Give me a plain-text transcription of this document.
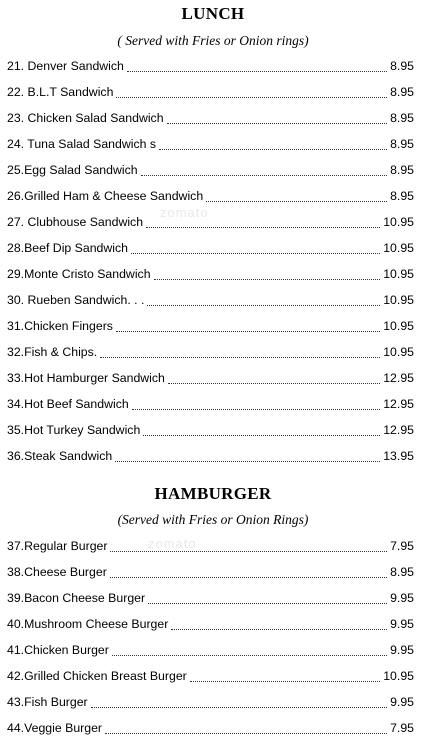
LUNCH

( Served with Fries or Onion rings)

21. Denver Sandwich	8.95
22. B.L.T Sandwich	8.95
23. Chicken Salad Sandwich	8.95
24. Tuna Salad Sandwich s	8.95
25.Egg Salad Sandwich	8.95
26.Grilled Ham & Cheese Sandwich	8.95
27. Clubhouse Sandwich	10.95
28.Beef Dip Sandwich	10.95
29.Monte Cristo Sandwich	10.95
30. Rueben Sandwich. . .	10.95
31.Chicken Fingers	10.95
32.Fish & Chips.	10.95
33.Hot Hamburger Sandwich	12.95
34.Hot Beef Sandwich	12.95
35.Hot Turkey Sandwich	12.95
36.Steak Sandwich	13.95
HAMBURGER

(Served with Fries or Onion Rings)

37.Regular Burger	7.95
38.Cheese Burger	8.95
39.Bacon Cheese Burger	9.95
40.Mushroom Cheese Burger	9.95
41.Chicken Burger	9.95
42.Grilled Chicken Breast Burger	10.95
43.Fish Burger	9.95
44.Veggie Burger	7.95
zomato
zomato
